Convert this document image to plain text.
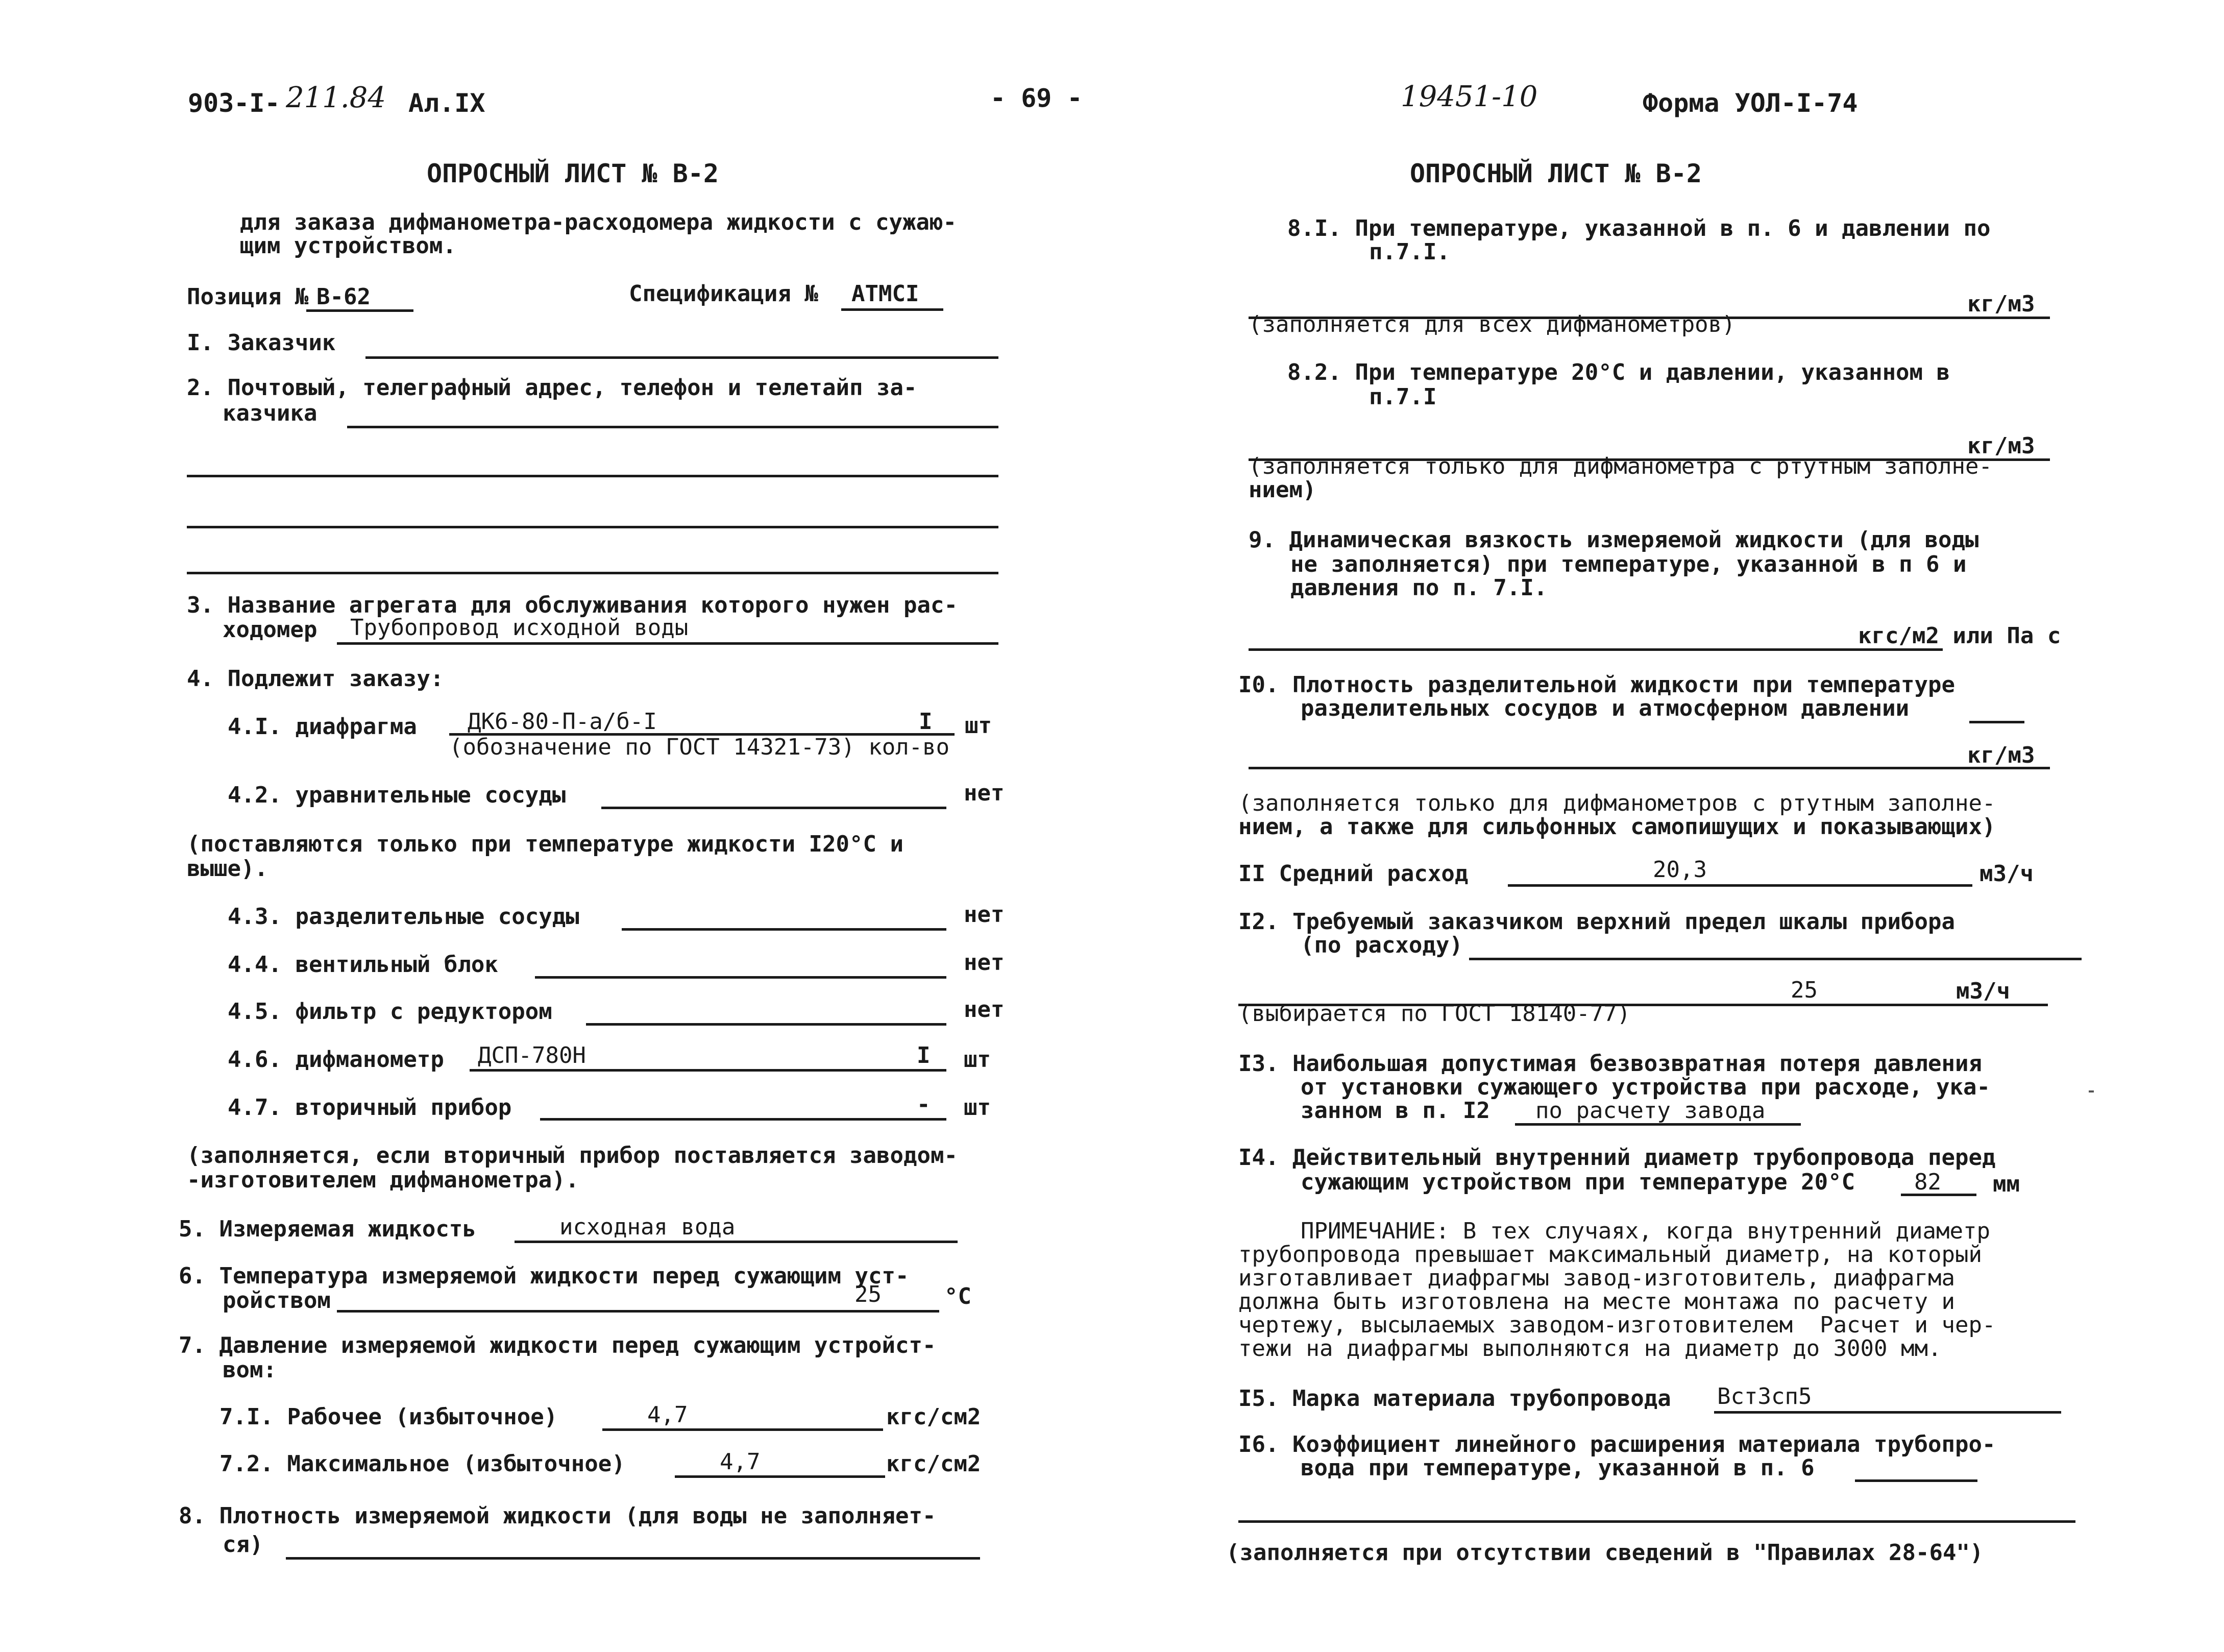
903-I- 211.84 Ал.IX	- 69 -
ОПРОСНЫЙ ЛИСТ № В-2
для заказа дифманометра-расходомера жидкости с сужаю-
щим устройством.
Позиция № В-62	Спецификация № АТМСI
I. Заказчик
2. Почтовый, телеграфный адрес, телефон и телетайп за-
казчика
3. Название агрегата для обслуживания которого нужен рас-
ходомер Трубопровод исходной воды
4. Подлежит заказу:
4.I. диафрагма ДК6-80-П-а/б-I	I шт
(обозначение по ГОСТ 14321-73) кол-во
4.2. уравнительные сосуды	нет
(поставляются только при температуре жидкости I20°С и
выше).
4.3. разделительные сосуды	нет
4.4. вентильный блок	нет
4.5. фильтр с редуктором	нет
4.6. дифманометр ДСП-780Н	I шт
4.7. вторичный прибор	- шт
(заполняется, если вторичный прибор поставляется заводом-
-изготовителем дифманометра).
5. Измеряемая жидкость	исходная вода
6. Температура измеряемой жидкости перед сужающим уст-
ройством	25	°С
7. Давление измеряемой жидкости перед сужающим устройст-
вом:
7.I. Рабочее (избыточное)	4,7	кгс/см2
7.2. Максимальное (избыточное)	4,7	кгс/см2
8. Плотность измеряемой жидкости (для воды не заполняет-
ся)
19451-10	Форма УОЛ-I-74
ОПРОСНЫЙ ЛИСТ № В-2
8.I. При температуре, указанной в п. 6 и давлении по
п.7.I.
кг/м3
(заполняется для всех дифманометров)
8.2. При температуре 20°С и давлении, указанном в
п.7.I
кг/м3
(заполняется только для дифманометра с ртутным заполне-
нием)
9. Динамическая вязкость измеряемой жидкости (для воды
не заполняется) при температуре, указанной в п 6 и
давления по п. 7.I.
кгс/м2 или Па с
I0. Плотность разделительной жидкости при температуре
разделительных сосудов и атмосферном давлении
кг/м3
(заполняется только для дифманометров с ртутным заполне-
нием, а также для сильфонных самопишущих и показывающих)
II Средний расход	20,3	м3/ч
I2. Требуемый заказчиком верхний предел шкалы прибора
(по расходу)
25	м3/ч
(выбирается по ГОСТ 18140-77)
I3. Наибольшая допустимая безвозвратная потеря давления
от установки сужающего устройства при расходе, ука-
занном в п. I2 по расчету завода
I4. Действительный внутренний диаметр трубопровода перед
сужающим устройством при температуре 20°С	82 мм
ПРИМЕЧАНИЕ: В тех случаях, когда внутренний диаметр
трубопровода превышает максимальный диаметр, на который
изготавливает диафрагмы завод-изготовитель, диафрагма
должна быть изготовлена на месте монтажа по расчету и
чертежу, высылаемых заводом-изготовителем  Расчет и чер-
тежи на диафрагмы выполняются на диаметр до 3000 мм.
I5. Марка материала трубопровода Вст3сп5
I6. Коэффициент линейного расширения материала трубопро-
вода при температуре, указанной в п. 6
(заполняется при отсутствии сведений в "Правилах 28-64")
